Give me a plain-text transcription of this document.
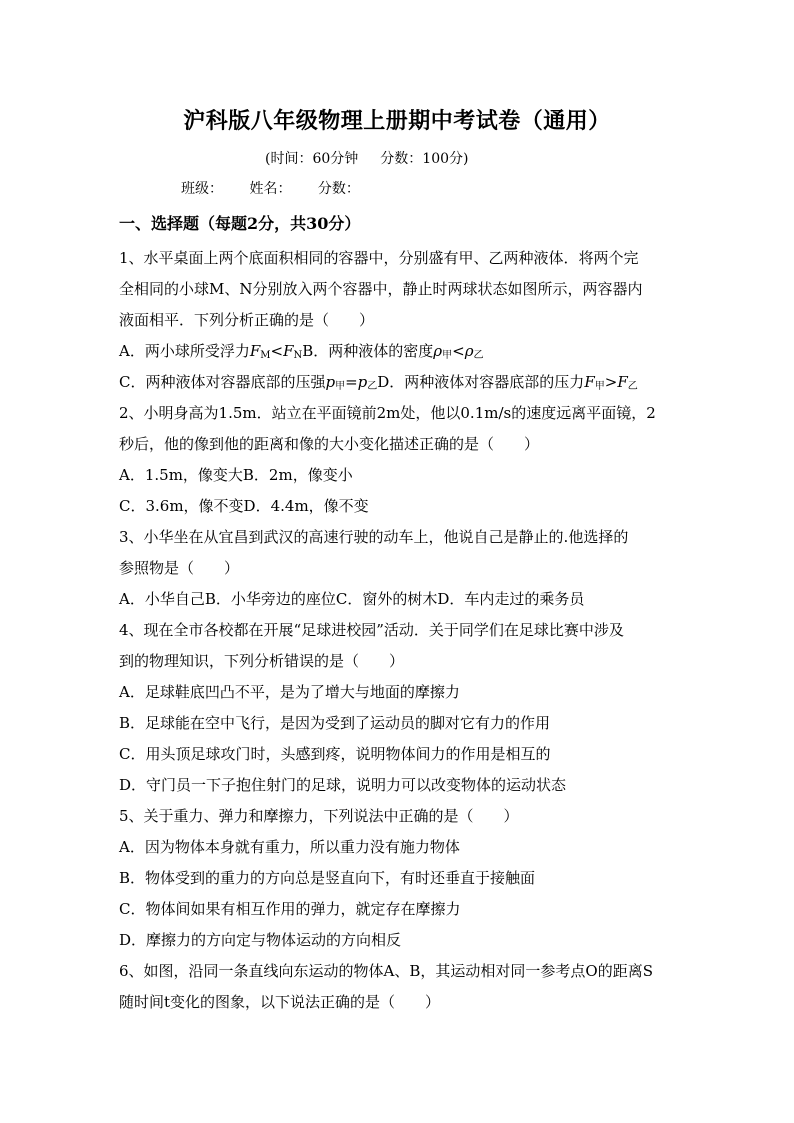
沪科版八年级物理上册期中考试卷（通用）
(时间：60分钟 分数：100分)
班级： 姓名： 分数：
一、选择题（每题2分，共30分）
1、水平桌面上两个底面积相同的容器中，分别盛有甲、乙两种液体．将两个完
全相同的小球M、N分别放入两个容器中，静止时两球状态如图所示，两容器内
液面相平．下列分析正确的是（　　）
A．两小球所受浮力$F_M<F_NB$．两种液体的密度$\rho_甲<\rho_乙$
C．两种液体对容器底部的压强$p_甲=p_乙D$．两种液体对容器底部的压力$F_甲>F_乙$
2、小明身高为1.5m．站立在平面镜前2m处，他以0.1m/s的速度远离平面镜，2
秒后，他的像到他的距离和像的大小变化描述正确的是（　　）
A．1.5m，像变大B．2m，像变小
C．3.6m，像不变D．4.4m，像不变
3、小华坐在从宜昌到武汉的高速行驶的动车上，他说自己是静止的.他选择的
参照物是（　　）
A．小华自己B．小华旁边的座位C．窗外的树木D．车内走过的乘务员
4、现在全市各校都在开展“足球进校园”活动．关于同学们在足球比赛中涉及
到的物理知识，下列分析错误的是（　　）
A．足球鞋底凹凸不平，是为了增大与地面的摩擦力
B．足球能在空中飞行，是因为受到了运动员的脚对它有力的作用
C．用头顶足球攻门时，头感到疼，说明物体间力的作用是相互的
D．守门员一下子抱住射门的足球，说明力可以改变物体的运动状态
5、关于重力、弹力和摩擦力，下列说法中正确的是（　　）
A．因为物体本身就有重力，所以重力没有施力物体
B．物体受到的重力的方向总是竖直向下，有时还垂直于接触面
C．物体间如果有相互作用的弹力，就定存在摩擦力
D．摩擦力的方向定与物体运动的方向相反
6、如图，沿同一条直线向东运动的物体A、B，其运动相对同一参考点O的距离S
随时间t变化的图象，以下说法正确的是（　　）
